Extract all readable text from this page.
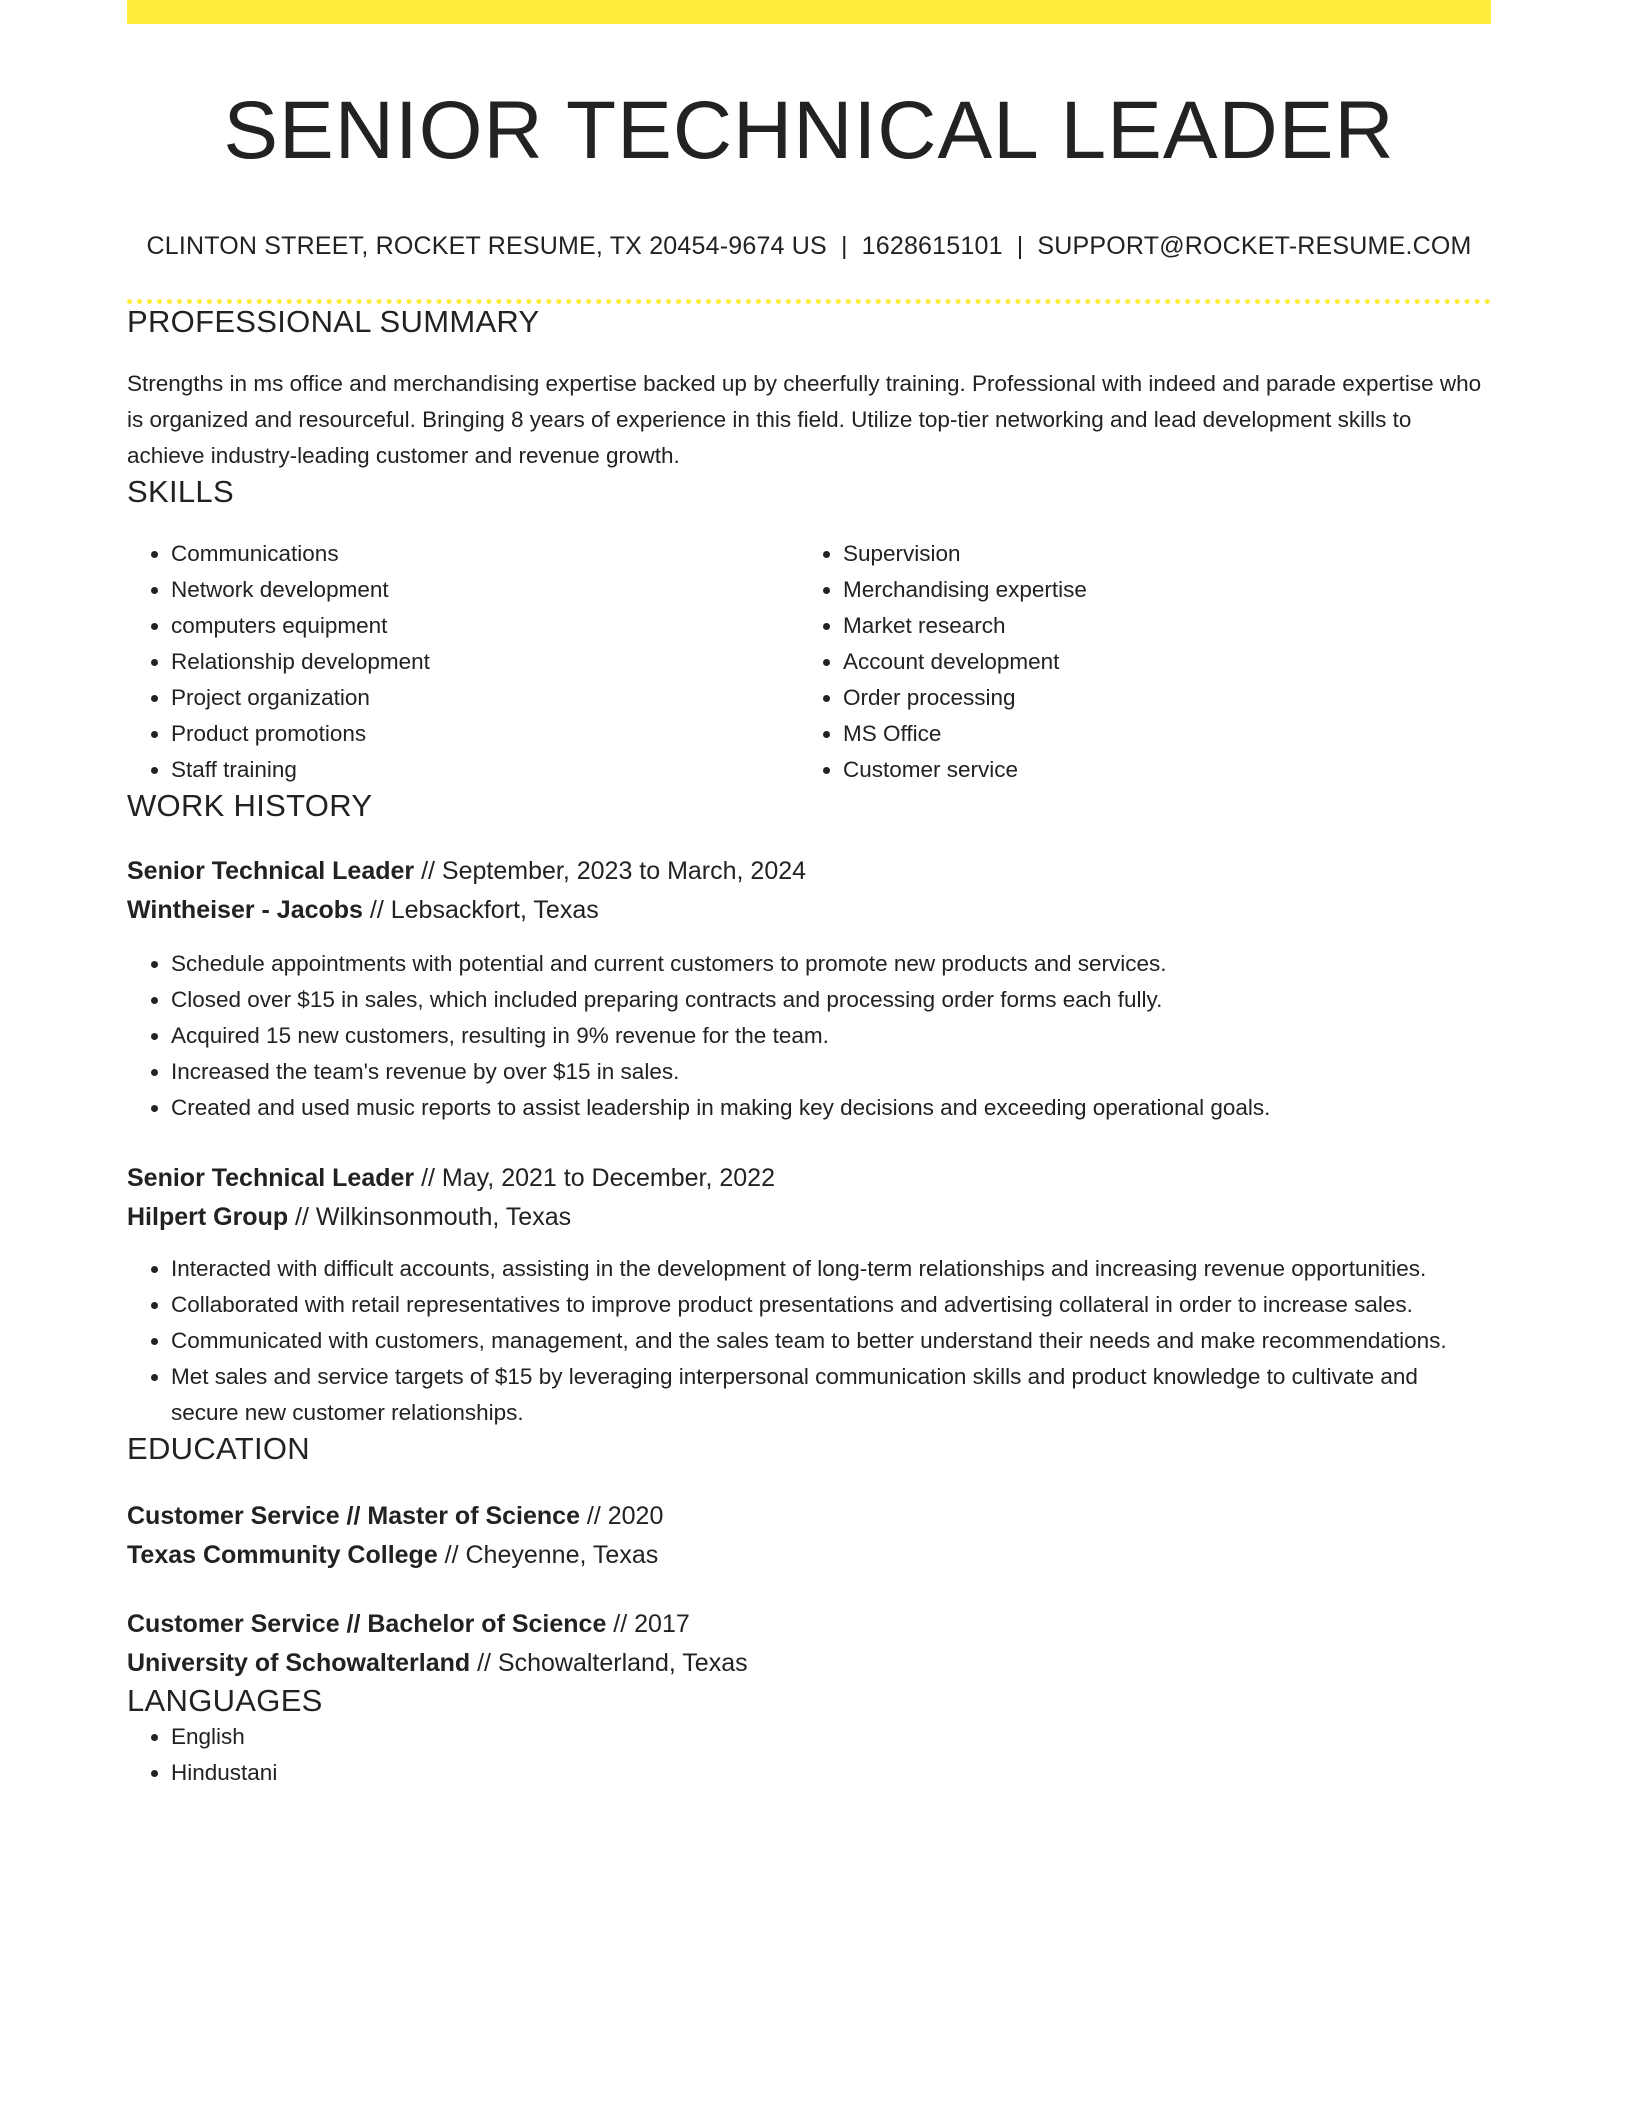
SENIOR TECHNICAL LEADER
CLINTON STREET, ROCKET RESUME, TX 20454-9674 US | 1628615101 | SUPPORT@ROCKET-RESUME.COM
PROFESSIONAL SUMMARY
Strengths in ms office and merchandising expertise backed up by cheerfully training. Professional with indeed and parade expertise who is organized and resourceful. Bringing 8 years of experience in this field. Utilize top-tier networking and lead development skills to achieve industry-leading customer and revenue growth.
SKILLS
• Communications
• Network development
• computers equipment
• Relationship development
• Project organization
• Product promotions
• Staff training
• Supervision
• Merchandising expertise
• Market research
• Account development
• Order processing
• MS Office
• Customer service
WORK HISTORY
Senior Technical Leader // September, 2023 to March, 2024
Wintheiser - Jacobs // Lebsackfort, Texas
• Schedule appointments with potential and current customers to promote new products and services.
• Closed over $15 in sales, which included preparing contracts and processing order forms each fully.
• Acquired 15 new customers, resulting in 9% revenue for the team.
• Increased the team's revenue by over $15 in sales.
• Created and used music reports to assist leadership in making key decisions and exceeding operational goals.
Senior Technical Leader // May, 2021 to December, 2022
Hilpert Group // Wilkinsonmouth, Texas
• Interacted with difficult accounts, assisting in the development of long-term relationships and increasing revenue opportunities.
• Collaborated with retail representatives to improve product presentations and advertising collateral in order to increase sales.
• Communicated with customers, management, and the sales team to better understand their needs and make recommendations.
• Met sales and service targets of $15 by leveraging interpersonal communication skills and product knowledge to cultivate and secure new customer relationships.
EDUCATION
Customer Service // Master of Science // 2020
Texas Community College // Cheyenne, Texas
Customer Service // Bachelor of Science // 2017
University of Schowalterland // Schowalterland, Texas
LANGUAGES
• English
• Hindustani
